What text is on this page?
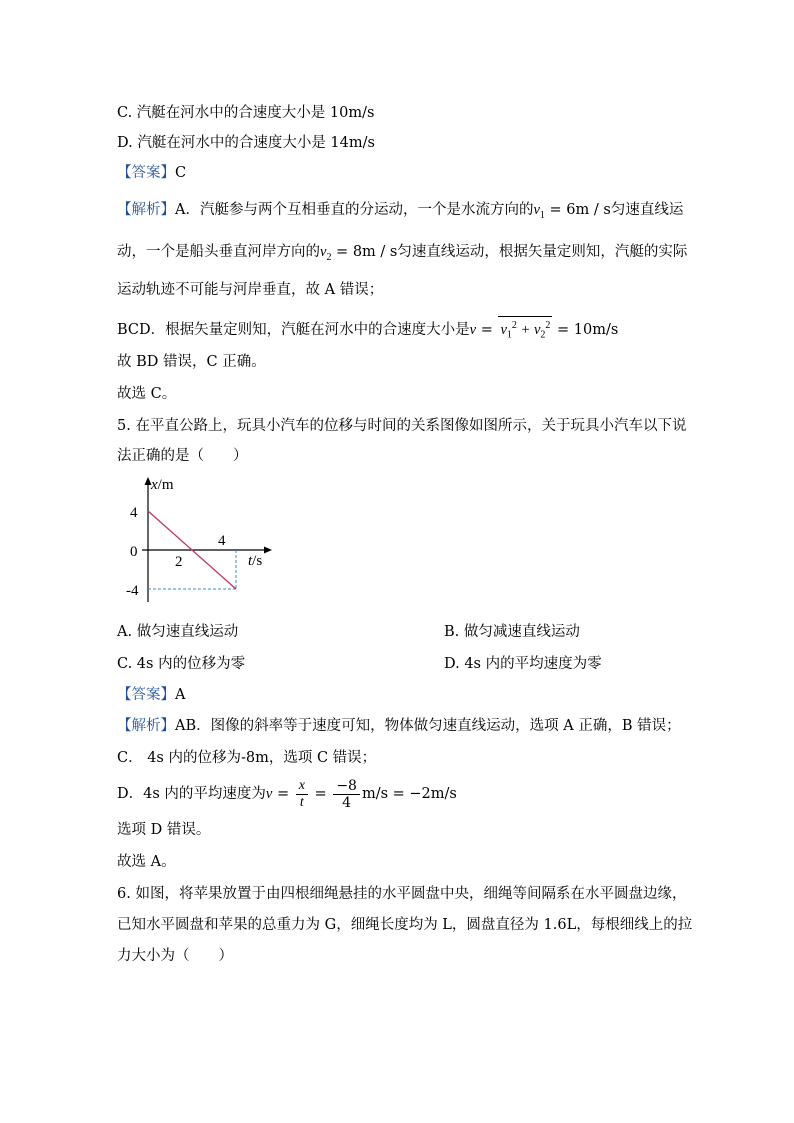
C. 汽艇在河水中的合速度大小是 10m/s
D. 汽艇在河水中的合速度大小是 14m/s
【答案】C
【解析】A．汽艇参与两个互相垂直的分运动，一个是水流方向的$v_1 = 6m / s$匀速直线运
动，一个是船头垂直河岸方向的$v_2 = 8m / s$匀速直线运动，根据矢量定则知，汽艇的实际
运动轨迹不可能与河岸垂直，故 A 错误；
BCD．根据矢量定则知，汽艇在河水中的合速度大小是$v = v_1^2 + v_2^2 = 10m/s$
故 BD 错误，C 正确。
故选 C。
5. 在平直公路上，玩具小汽车的位移与时间的关系图像如图所示，关于玩具小汽车以下说
法正确的是（　　）
x/m
t/s
4
0
-4
2
4
A. 做匀速直线运动	B. 做匀减速直线运动
C. 4s 内的位移为零	D. 4s 内的平均速度为零
【答案】A
【解析】AB．图像的斜率等于速度可知，物体做匀速直线运动，选项 A 正确，B 错误；
C． 4s 内的位移为-8m，选项 C 错误；
D．4s 内的平均速度为$v = \frac{x}{t} = \frac{-8}{4} m/s = -2m/s$
选项 D 错误。
故选 A。
6. 如图，将苹果放置于由四根细绳悬挂的水平圆盘中央，细绳等间隔系在水平圆盘边缘，
已知水平圆盘和苹果的总重力为 G，细绳长度均为 L，圆盘直径为 1.6L，每根细线上的拉
力大小为（　　）
